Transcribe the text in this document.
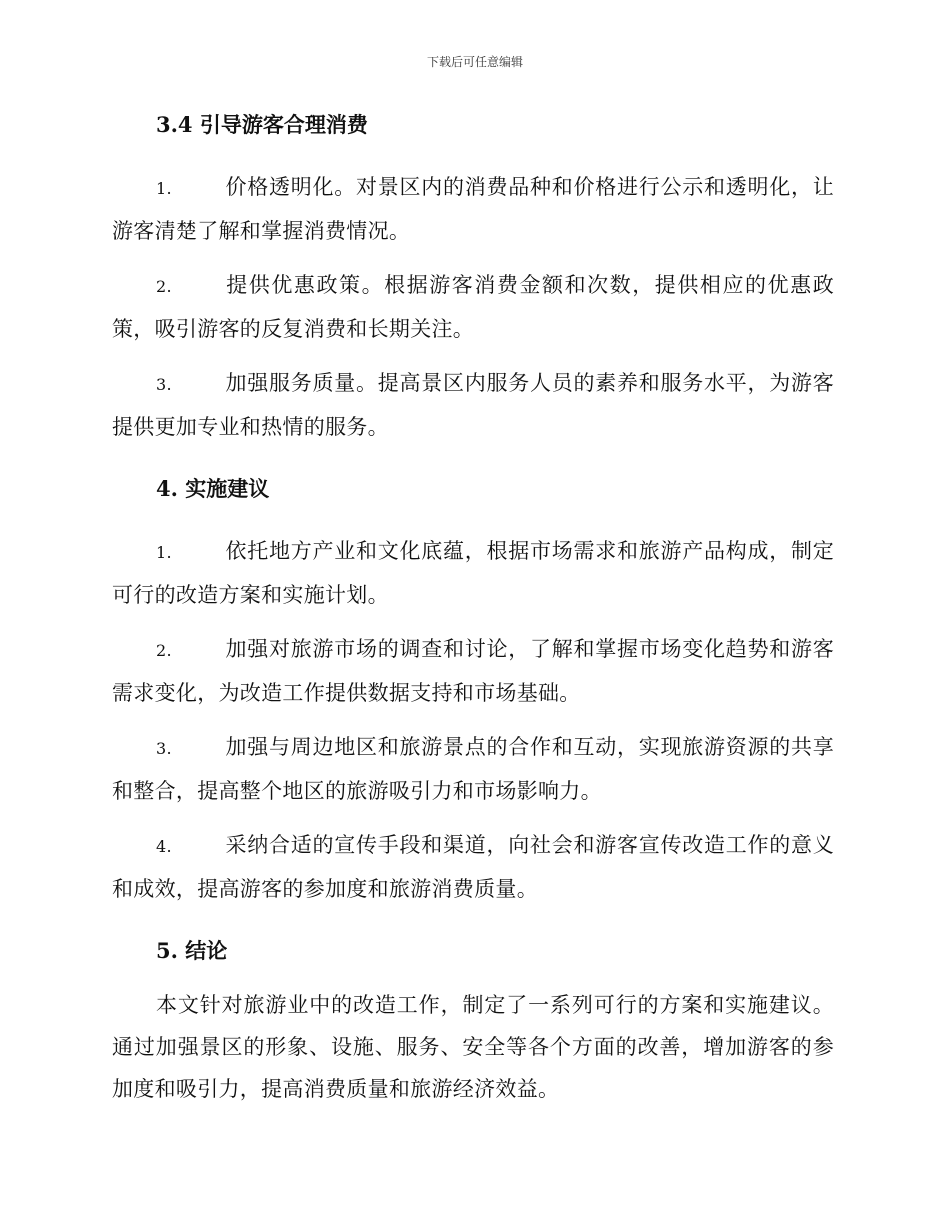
下载后可任意编辑
3.4 引导游客合理消费

1.	价格透明化。对景区内的消费品种和价格进行公示和透明化，让游客清楚了解和掌握消费情况。

2.	提供优惠政策。根据游客消费金额和次数，提供相应的优惠政策，吸引游客的反复消费和长期关注。

3.	加强服务质量。提高景区内服务人员的素养和服务水平，为游客提供更加专业和热情的服务。

4. 实施建议

1.	依托地方产业和文化底蕴，根据市场需求和旅游产品构成，制定可行的改造方案和实施计划。

2.	加强对旅游市场的调查和讨论，了解和掌握市场变化趋势和游客需求变化，为改造工作提供数据支持和市场基础。

3.	加强与周边地区和旅游景点的合作和互动，实现旅游资源的共享和整合，提高整个地区的旅游吸引力和市场影响力。

4.	采纳合适的宣传手段和渠道，向社会和游客宣传改造工作的意义和成效，提高游客的参加度和旅游消费质量。

5. 结论

本文针对旅游业中的改造工作，制定了一系列可行的方案和实施建议。通过加强景区的形象、设施、服务、安全等各个方面的改善，增加游客的参加度和吸引力，提高消费质量和旅游经济效益。
